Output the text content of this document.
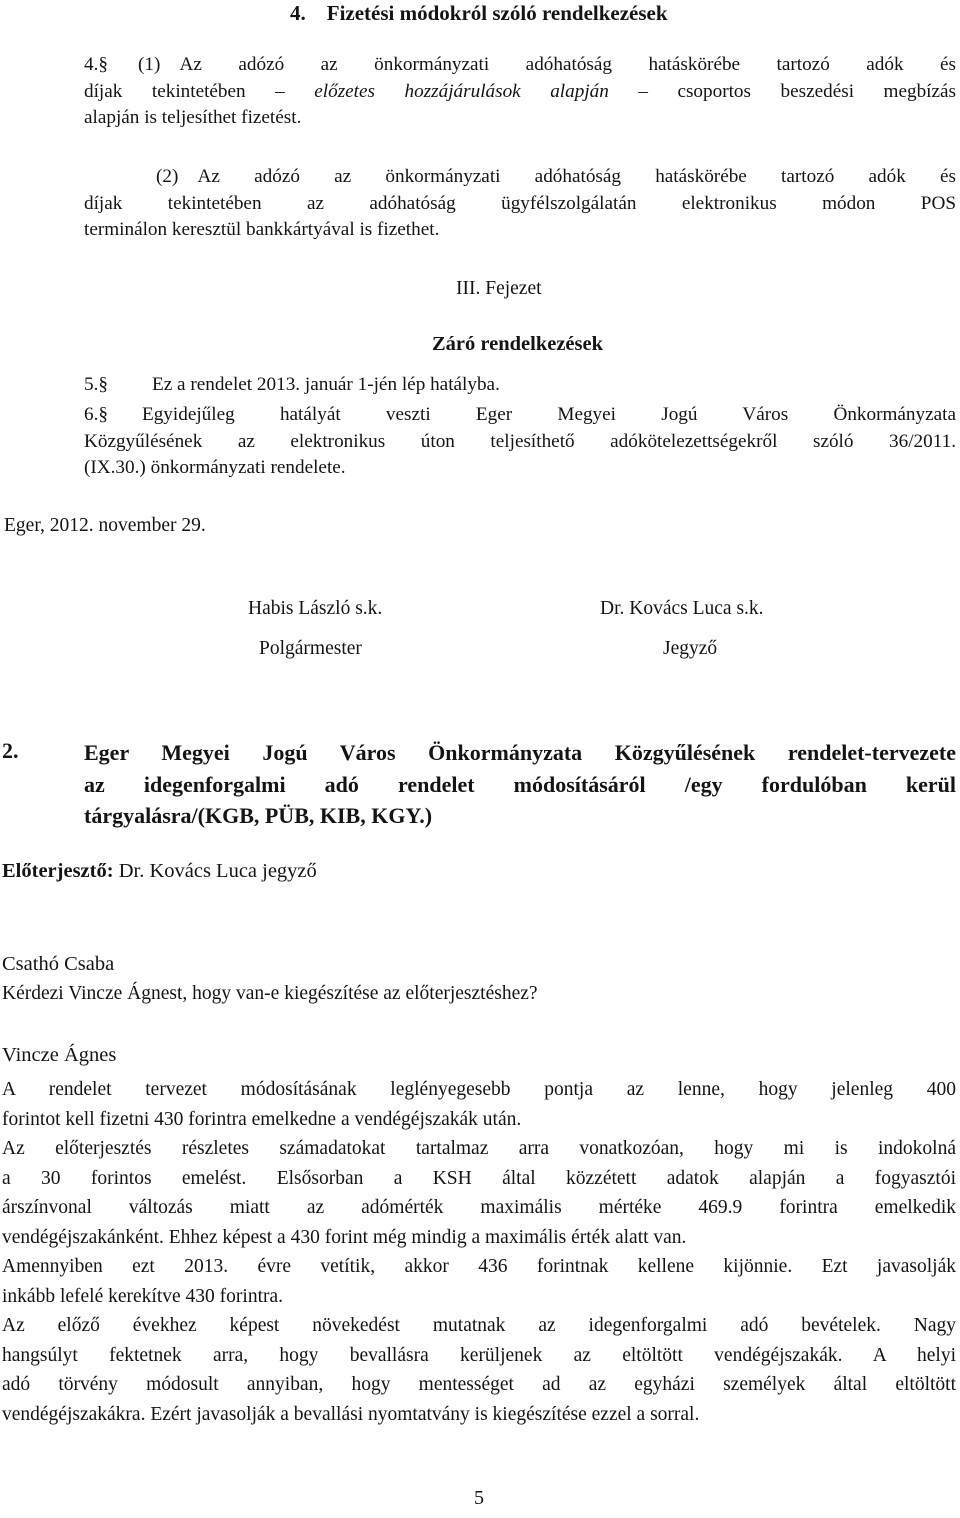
4. Fizetési módokról szóló rendelkezések
4.§ (1) Az adózó az önkormányzati adóhatóság hatáskörébe tartozó adók és
díjak tekintetében – előzetes hozzájárulások alapján – csoportos beszedési megbízás
alapján is teljesíthet fizetést.
(2) Az adózó az önkormányzati adóhatóság hatáskörébe tartozó adók és
díjak tekintetében az adóhatóság ügyfélszolgálatán elektronikus módon POS
terminálon keresztül bankkártyával is fizethet.
III. Fejezet
Záró rendelkezések
5.§ Ez a rendelet 2013. január 1-jén lép hatályba.
6.§ Egyidejűleg hatályát veszti Eger Megyei Jogú Város Önkormányzata
Közgyűlésének az elektronikus úton teljesíthető adókötelezettségekről szóló 36/2011.
(IX.30.) önkormányzati rendelete.
Eger, 2012. november 29.
Habis László s.k.
Polgármester
Dr. Kovács Luca s.k.
Jegyző
2.	Eger Megyei Jogú Város Önkormányzata Közgyűlésének rendelet-tervezete
az idegenforgalmi adó rendelet módosításáról /egy fordulóban kerül
tárgyalásra/(KGB, PÜB, KIB, KGY.)
Előterjesztő: Dr. Kovács Luca jegyző
Csathó Csaba
Kérdezi Vincze Ágnest, hogy van-e kiegészítése az előterjesztéshez?
Vincze Ágnes
A rendelet tervezet módosításának leglényegesebb pontja az lenne, hogy jelenleg 400
forintot kell fizetni 430 forintra emelkedne a vendégéjszakák után.
Az előterjesztés részletes számadatokat tartalmaz arra vonatkozóan, hogy mi is indokolná
a 30 forintos emelést. Elsősorban a KSH által közzétett adatok alapján a fogyasztói
árszínvonal változás miatt az adómérték maximális mértéke 469.9 forintra emelkedik
vendégéjszakánként. Ehhez képest a 430 forint még mindig a maximális érték alatt van.
Amennyiben ezt 2013. évre vetítik, akkor 436 forintnak kellene kijönnie. Ezt javasolják
inkább lefelé kerekítve 430 forintra.
Az előző évekhez képest növekedést mutatnak az idegenforgalmi adó bevételek. Nagy
hangsúlyt fektetnek arra, hogy bevallásra kerüljenek az eltöltött vendégéjszakák. A helyi
adó törvény módosult annyiban, hogy mentességet ad az egyházi személyek által eltöltött
vendégéjszakákra. Ezért javasolják a bevallási nyomtatvány is kiegészítése ezzel a sorral.
5
